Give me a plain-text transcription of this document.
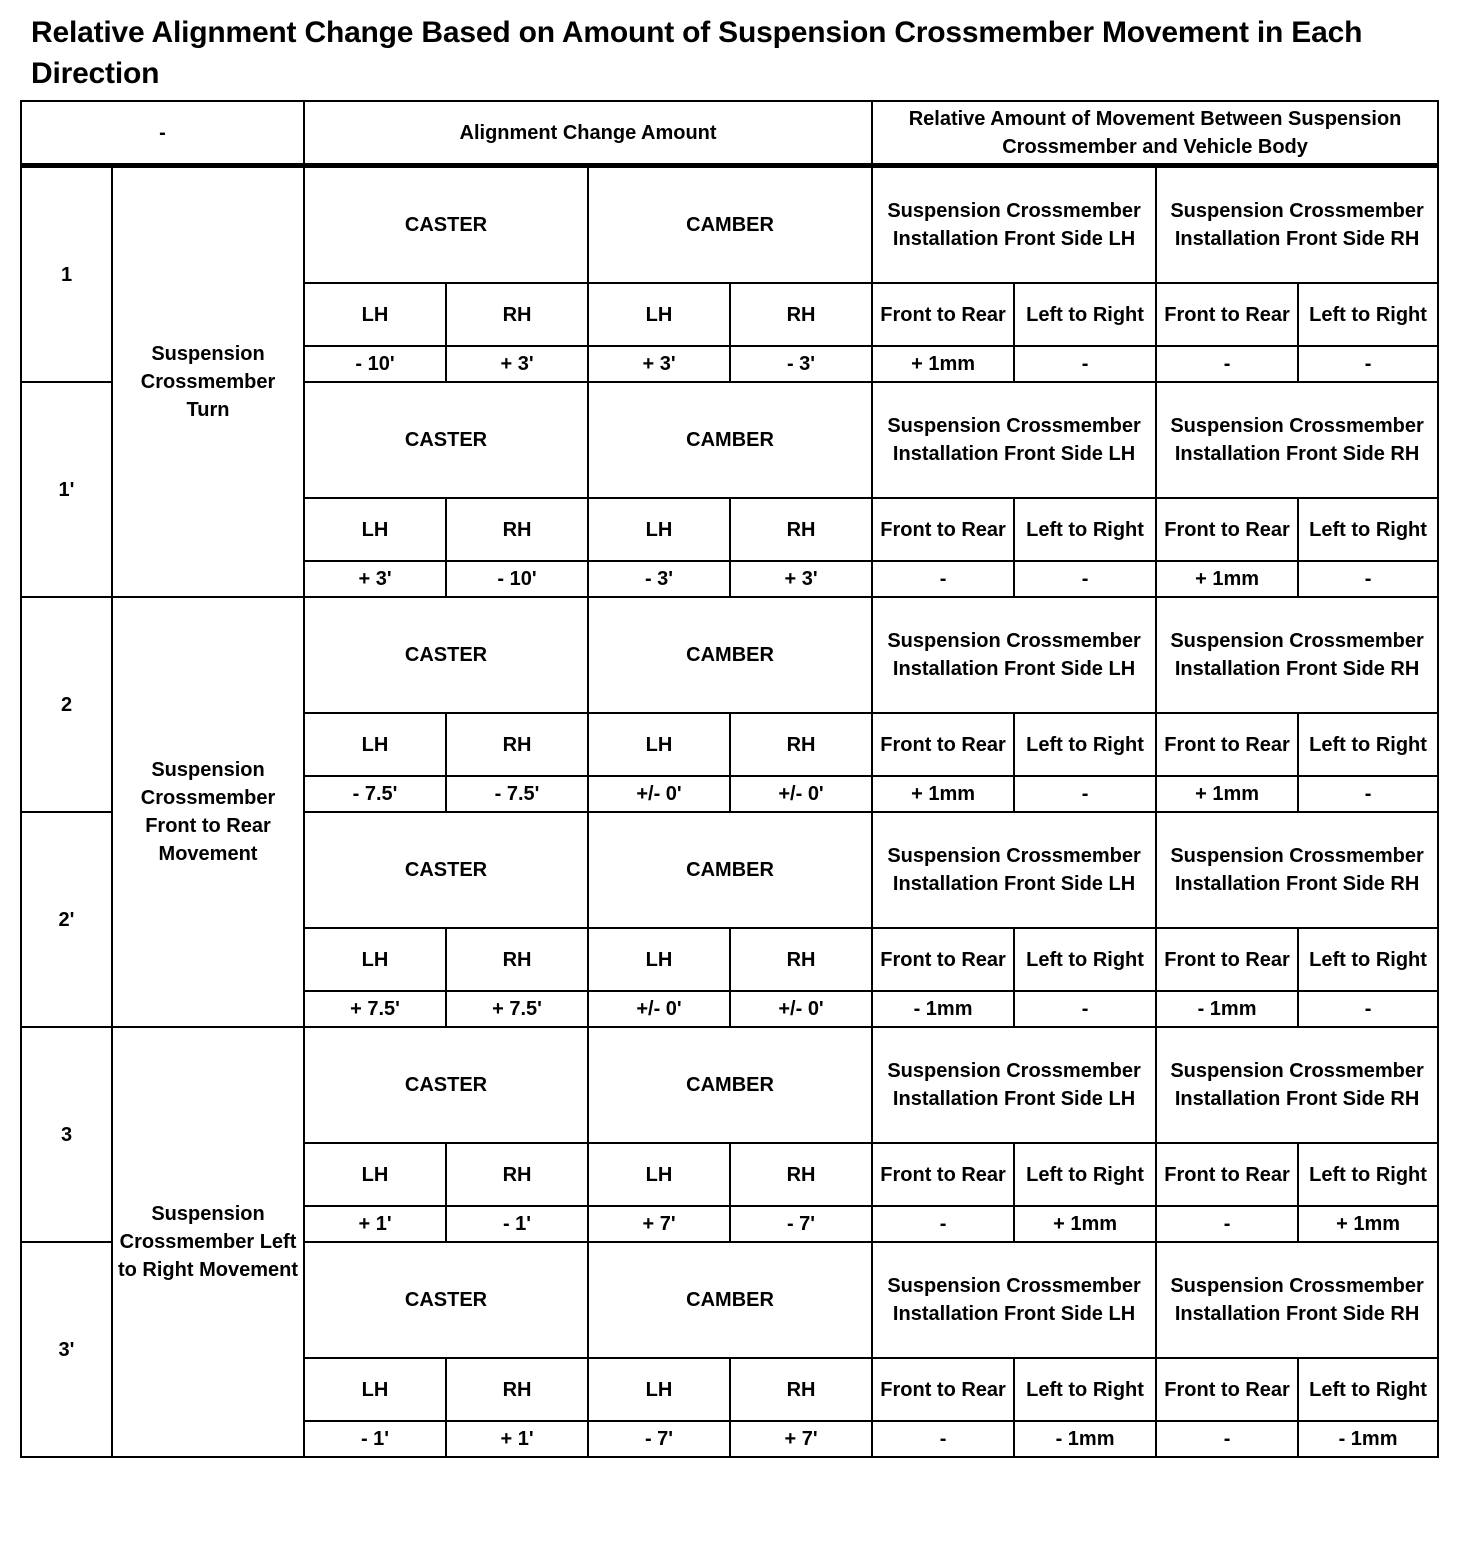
Relative Alignment Change Based on Amount of Suspension Crossmember Movement in Each Direction
-		Alignment Change Amount				Relative Amount of Movement Between Suspension Crossmember and Vehicle Body			
1	Suspension Crossmember Turn	CASTER		CAMBER		Suspension Crossmember Installation Front Side LH		Suspension Crossmember Installation Front Side RH	
		LH	RH	LH	RH	Front to Rear	Left to Right	Front to Rear	Left to Right
		- 10'	+ 3'	+ 3'	- 3'	+ 1mm	-	-	-
1'		CASTER		CAMBER		Suspension Crossmember Installation Front Side LH		Suspension Crossmember Installation Front Side RH	
		LH	RH	LH	RH	Front to Rear	Left to Right	Front to Rear	Left to Right
		+ 3'	- 10'	- 3'	+ 3'	-	-	+ 1mm	-
2	Suspension Crossmember Front to Rear Movement	CASTER		CAMBER		Suspension Crossmember Installation Front Side LH		Suspension Crossmember Installation Front Side RH	
		LH	RH	LH	RH	Front to Rear	Left to Right	Front to Rear	Left to Right
		- 7.5'	- 7.5'	+/- 0'	+/- 0'	+ 1mm	-	+ 1mm	-
2'		CASTER		CAMBER		Suspension Crossmember Installation Front Side LH		Suspension Crossmember Installation Front Side RH	
		LH	RH	LH	RH	Front to Rear	Left to Right	Front to Rear	Left to Right
		+ 7.5'	+ 7.5'	+/- 0'	+/- 0'	- 1mm	-	- 1mm	-
3	Suspension Crossmember Left to Right Movement	CASTER		CAMBER		Suspension Crossmember Installation Front Side LH		Suspension Crossmember Installation Front Side RH	
		LH	RH	LH	RH	Front to Rear	Left to Right	Front to Rear	Left to Right
		+ 1'	- 1'	+ 7'	- 7'	-	+ 1mm	-	+ 1mm
3'		CASTER		CAMBER		Suspension Crossmember Installation Front Side LH		Suspension Crossmember Installation Front Side RH	
		LH	RH	LH	RH	Front to Rear	Left to Right	Front to Rear	Left to Right
		- 1'	+ 1'	- 7'	+ 7'	-	- 1mm	-	- 1mm
